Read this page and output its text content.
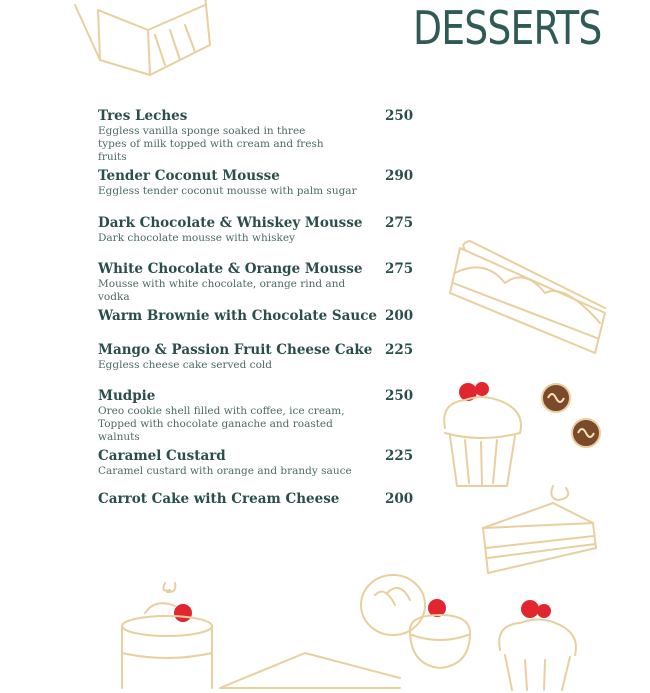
DESSERTS
Tres Leches	250
Eggless vanilla sponge soaked in three types of milk topped with cream and fresh fruits
Tender Coconut Mousse	290
Eggless tender coconut mousse with palm sugar
Dark Chocolate & Whiskey Mousse	275
Dark chocolate mousse with whiskey
White Chocolate & Orange Mousse	275
Mousse with white chocolate, orange rind and vodka
Warm Brownie with Chocolate Sauce 200
Mango & Passion Fruit Cheese Cake 225
Eggless cheese cake served cold
Mudpie	250
Oreo cookie shell filled with coffee, ice cream, Topped with chocolate ganache and roasted walnuts
Caramel Custard	225
Caramel custard with orange and brandy sauce
Carrot Cake with Cream Cheese	200
